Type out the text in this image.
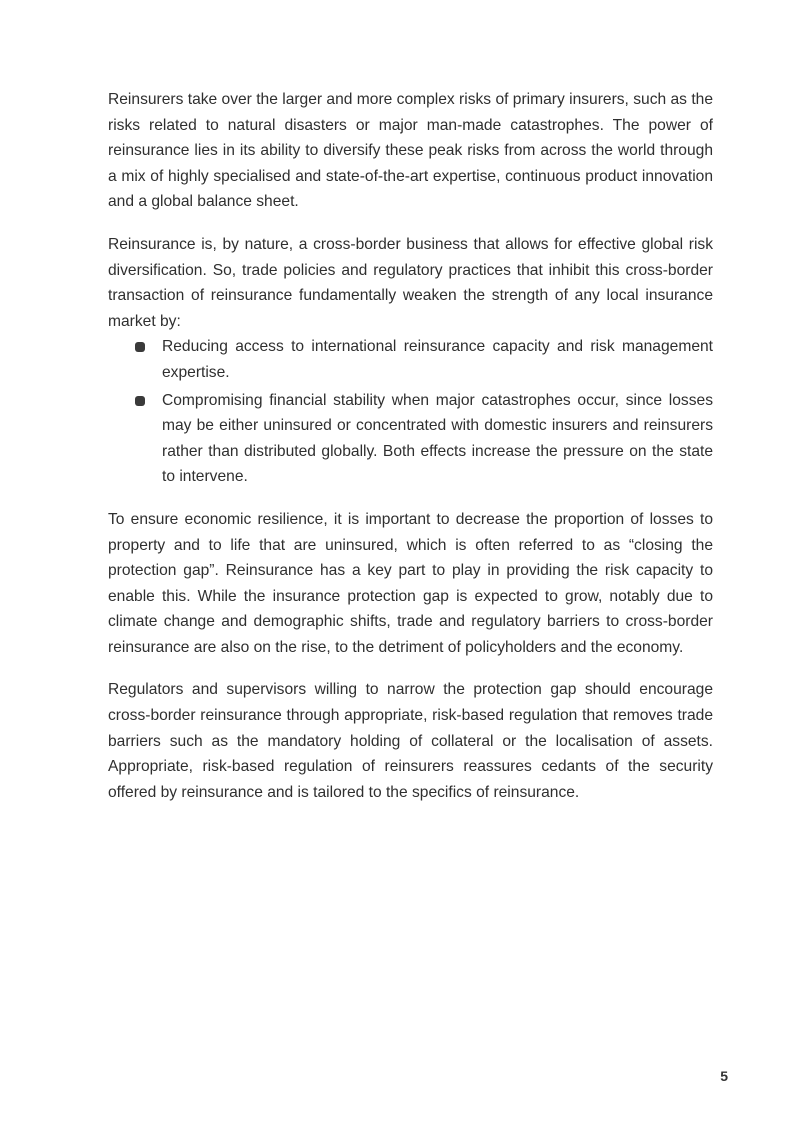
Reinsurers take over the larger and more complex risks of primary insurers, such as the risks related to natural disasters or major man-made catastrophes. The power of reinsurance lies in its ability to diversify these peak risks from across the world through a mix of highly specialised and state-of-the-art expertise, continuous product innovation and a global balance sheet.

Reinsurance is, by nature, a cross-border business that allows for effective global risk diversification. So, trade policies and regulatory practices that inhibit this cross-border transaction of reinsurance fundamentally weaken the strength of any local insurance market by:

Reducing access to international reinsurance capacity and risk management expertise.
Compromising financial stability when major catastrophes occur, since losses may be either uninsured or concentrated with domestic insurers and reinsurers rather than distributed globally. Both effects increase the pressure on the state to intervene.

To ensure economic resilience, it is important to decrease the proportion of losses to property and to life that are uninsured, which is often referred to as “closing the protection gap”. Reinsurance has a key part to play in providing the risk capacity to enable this. While the insurance protection gap is expected to grow, notably due to climate change and demographic shifts, trade and regulatory barriers to cross-border reinsurance are also on the rise, to the detriment of policyholders and the economy.

Regulators and supervisors willing to narrow the protection gap should encourage cross-border reinsurance through appropriate, risk-based regulation that removes trade barriers such as the mandatory holding of collateral or the localisation of assets. Appropriate, risk-based regulation of reinsurers reassures cedants of the security offered by reinsurance and is tailored to the specifics of reinsurance.

5
